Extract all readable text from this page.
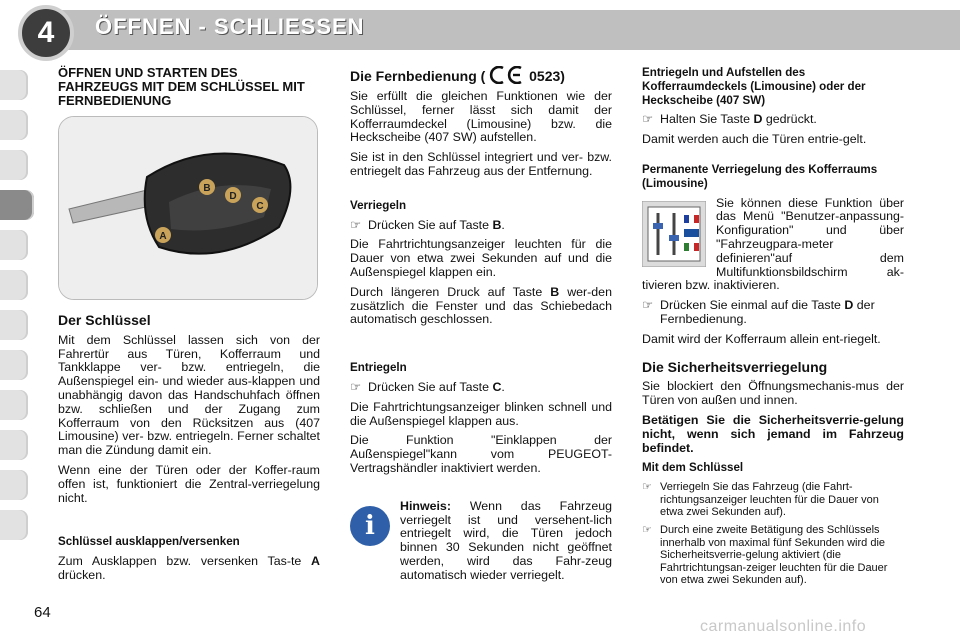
4	ÖFFNEN - SCHLIESSEN
ÖFFNEN UND STARTEN DES FAHRZEUGS MIT DEM SCHLÜSSEL MIT FERNBEDIENUNG
B
D
C
A
Der Schlüssel

Mit dem Schlüssel lassen sich von der Fahrertür aus Türen, Kofferraum und Tankklappe ver- bzw. entriegeln, die Außenspiegel ein- und wieder aus-klappen und unabhängig davon das Handschuhfach öffnen bzw. schließen und der Zugang zum Kofferraum von den Rücksitzen aus (407 Limousine) ver- bzw. entriegeln. Ferner schaltet man die Zündung damit ein.

Wenn eine der Türen oder der Koffer-raum offen ist, funktioniert die Zentral-verriegelung nicht.

Schlüssel ausklappen/versenken

Zum Ausklappen bzw. versenken Tas-te A drücken.

Die Fernbedienung (	0523)

Sie erfüllt die gleichen Funktionen wie der Schlüssel, ferner lässt sich damit der Kofferraumdeckel (Limousine) bzw. die Heckscheibe (407 SW) aufstellen.

Sie ist in den Schlüssel integriert und ver- bzw. entriegelt das Fahrzeug aus der Entfernung.

Verriegeln
☞ Drücken Sie auf Taste B.

Die Fahrtrichtungsanzeiger leuchten für die Dauer von etwa zwei Sekunden auf und die Außenspiegel klappen ein.

Durch längeren Druck auf Taste B wer-den zusätzlich die Fenster und das Schiebedach automatisch geschlossen.

Entriegeln
☞ Drücken Sie auf Taste C.

Die Fahrtrichtungsanzeiger blinken schnell und die Außenspiegel klappen aus.

Die Funktion "Einklappen der Außenspiegel"kann vom PEUGEOT-Vertragshändler inaktiviert werden.

i

Hinweis: Wenn das Fahrzeug verriegelt ist und versehent-lich entriegelt wird, die Türen jedoch binnen 30 Sekunden nicht geöffnet werden, wird das Fahr-zeug automatisch wieder verriegelt.

Entriegeln und Aufstellen des Kofferraumdeckels (Limousine) oder der Heckscheibe (407 SW)
☞ Halten Sie Taste D gedrückt.

Damit werden auch die Türen entrie-gelt.

Permanente Verriegelung des Kofferraums (Limousine)

Sie können diese Funktion über das Menü "Benutzer-anpassung-Konfiguration" und über "Fahrzeugpara-meter definieren"auf dem Multifunktionsbildschirm ak-tivieren bzw. inaktivieren.

☞ Drücken Sie einmal auf die Taste D der Fernbedienung.

Damit wird der Kofferraum allein ent-riegelt.

Die Sicherheitsverriegelung

Sie blockiert den Öffnungsmechanis-mus der Türen von außen und innen.

Betätigen Sie die Sicherheitsverrie-gelung nicht, wenn sich jemand im Fahrzeug befindet.

Mit dem Schlüssel
☞ Verriegeln Sie das Fahrzeug (die Fahrt-richtungsanzeiger leuchten für die Dauer von etwa zwei Sekunden auf).
☞ Durch eine zweite Betätigung des Schlüssels innerhalb von maximal fünf Sekunden wird die Sicherheitsverrie-gelung aktiviert (die Fahrtrichtungsan-zeiger leuchten für die Dauer von etwa zwei Sekunden auf).
64
carmanualsonline.info
